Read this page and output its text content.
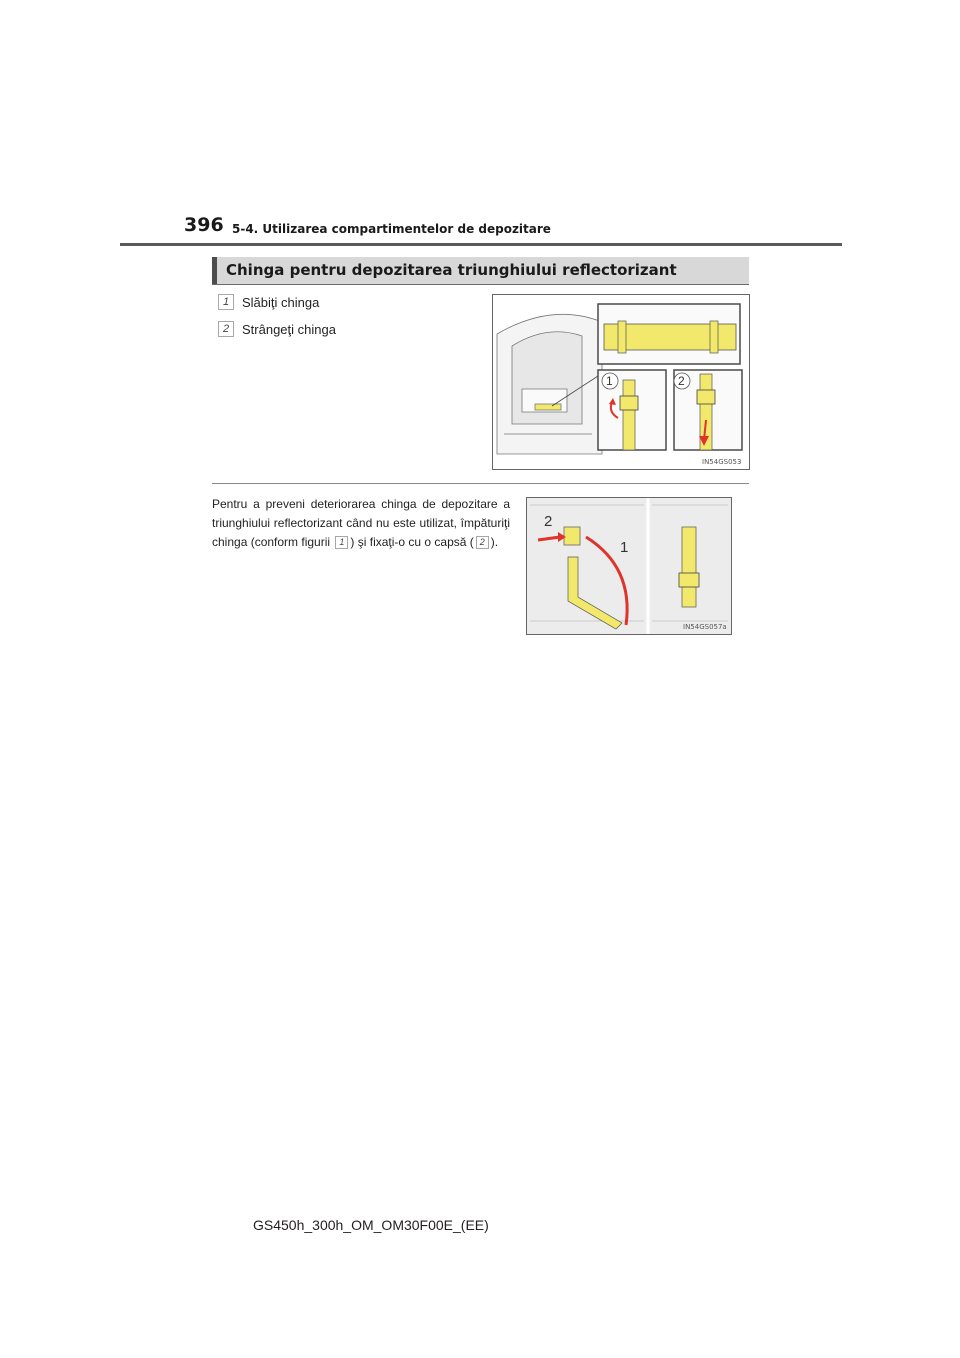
396 5-4. Utilizarea compartimentelor de depozitare
Chinga pentru depozitarea triunghiului reflectorizant
1 Slăbiţi chinga
2 Strângeţi chinga
1	2
IN54GS053
Pentru a preveni deteriorarea chinga de depozitare a triunghiului reflectorizant când nu este utilizat, împăturiţi chinga (conform figurii 1 ) şi fixaţi-o cu o capsă ( 2 ).
2
1
IN54GS057a
GS450h_300h_OM_OM30F00E_(EE)
